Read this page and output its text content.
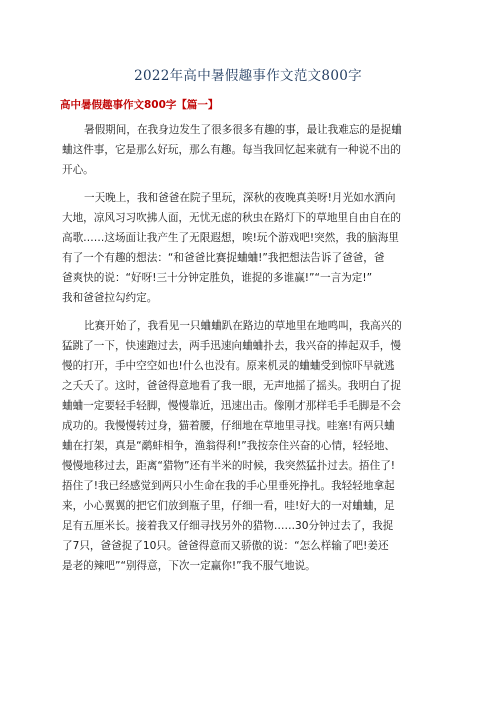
2022年高中暑假趣事作文范文800字
高中暑假趣事作文800字【篇一】
暑假期间，在我身边发生了很多很多有趣的事，最让我难忘的是捉蛐
蛐这件事，它是那么好玩，那么有趣。每当我回忆起来就有一种说不出的
开心。
一天晚上，我和爸爸在院子里玩，深秋的夜晚真美呀!月光如水洒向
大地，凉风习习吹拂人面，无忧无虑的秋虫在路灯下的草地里自由自在的
高歌……这场面让我产生了无限遐想，唉!玩个游戏吧!突然，我的脑海里
有了一个有趣的想法：“和爸爸比赛捉蛐蛐!”我把想法告诉了爸爸，爸
爸爽快的说：“好呀!三十分钟定胜负，谁捉的多谁赢!”“一言为定!”
我和爸爸拉勾约定。
比赛开始了，我看见一只蛐蛐趴在路边的草地里在地鸣叫，我高兴的
猛跳了一下，快速跑过去，两手迅速向蛐蛐扑去，我兴奋的捧起双手，慢
慢的打开，手中空空如也!什么也没有。原来机灵的蛐蛐受到惊吓早就逃
之夭夭了。这时，爸爸得意地看了我一眼，无声地摇了摇头。我明白了捉
蛐蛐一定要轻手轻脚，慢慢靠近，迅速出击。像刚才那样毛手毛脚是不会
成功的。我慢慢转过身，猫着腰，仔细地在草地里寻找。哇塞!有两只蛐
蛐在打架，真是“鹬蚌相争，渔翁得利!”我按奈住兴奋的心情，轻轻地、
慢慢地移过去，距离“猎物”还有半米的时候，我突然猛扑过去。捂住了!
捂住了!我已经感觉到两只小生命在我的手心里垂死挣扎。我轻轻地拿起
来，小心翼翼的把它们放到瓶子里，仔细一看，哇!好大的一对蛐蛐，足
足有五厘米长。接着我又仔细寻找另外的猎物……30分钟过去了，我捉
了7只，爸爸捉了10只。爸爸得意而又骄傲的说：“怎么样输了吧!姜还
是老的辣吧”“别得意，下次一定赢你!”我不服气地说。
